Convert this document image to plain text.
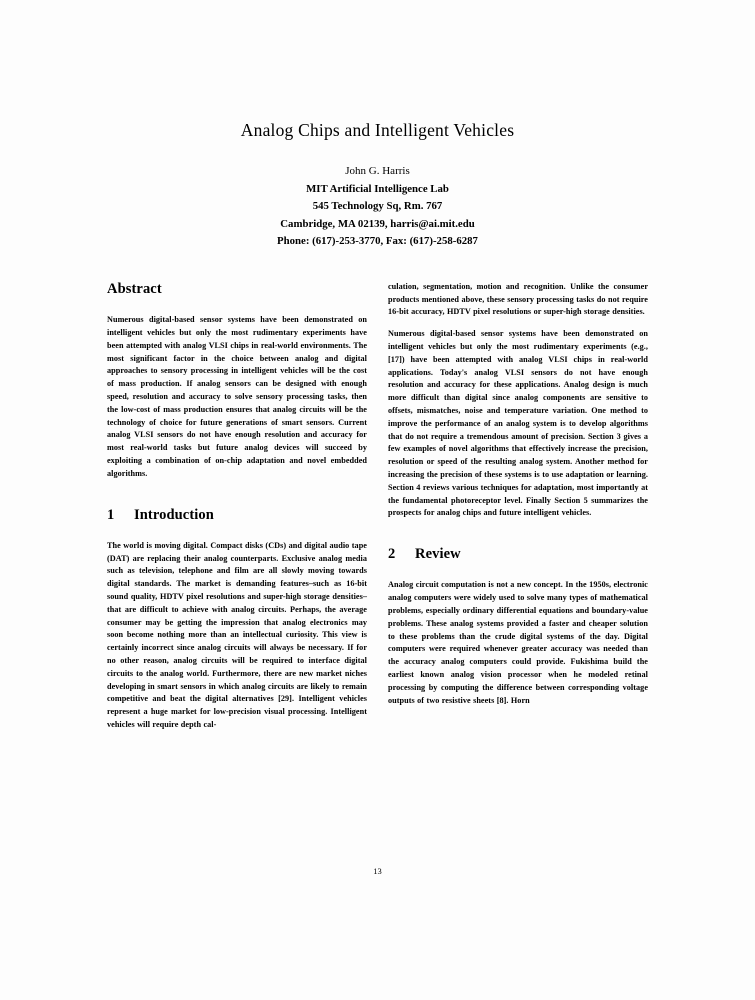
Analog Chips and Intelligent Vehicles
John G. Harris
MIT Artificial Intelligence Lab
545 Technology Sq, Rm. 767
Cambridge, MA 02139, harris@ai.mit.edu
Phone: (617)-253-3770, Fax: (617)-258-6287
Abstract

Numerous digital-based sensor systems have been demonstrated on intelligent vehicles but only the most rudimentary experiments have been attempted with analog VLSI chips in real-world environments. The most significant factor in the choice between analog and digital approaches to sensory processing in intelligent vehicles will be the cost of mass production. If analog sensors can be designed with enough speed, resolution and accuracy to solve sensory processing tasks, then the low-cost of mass production ensures that analog circuits will be the technology of choice for future generations of smart sensors. Current analog VLSI sensors do not have enough resolution and accuracy for most real-world tasks but future analog devices will succeed by exploiting a combination of on-chip adaptation and novel embedded algorithms.

1 Introduction

The world is moving digital. Compact disks (CDs) and digital audio tape (DAT) are replacing their analog counterparts. Exclusive analog media such as television, telephone and film are all slowly moving towards digital standards. The market is demanding features–such as 16-bit sound quality, HDTV pixel resolutions and super-high storage densities–that are difficult to achieve with analog circuits. Perhaps, the average consumer may be getting the impression that analog electronics may soon become nothing more than an intellectual curiosity. This view is certainly incorrect since analog circuits will always be necessary. If for no other reason, analog circuits will be required to interface digital circuits to the analog world. Furthermore, there are new market niches developing in smart sensors in which analog circuits are likely to remain competitive and beat the digital alternatives [29]. Intelligent vehicles represent a huge market for low-precision visual processing. Intelligent vehicles will require depth cal-

culation, segmentation, motion and recognition. Unlike the consumer products mentioned above, these sensory processing tasks do not require 16-bit accuracy, HDTV pixel resolutions or super-high storage densities.

Numerous digital-based sensor systems have been demonstrated on intelligent vehicles but only the most rudimentary experiments (e.g., [17]) have been attempted with analog VLSI chips in real-world applications. Today's analog VLSI sensors do not have enough resolution and accuracy for these applications. Analog design is much more difficult than digital since analog components are sensitive to offsets, mismatches, noise and temperature variation. One method to improve the performance of an analog system is to develop algorithms that do not require a tremendous amount of precision. Section 3 gives a few examples of novel algorithms that effectively increase the precision, resolution or speed of the resulting analog system. Another method for increasing the precision of these systems is to use adaptation or learning. Section 4 reviews various techniques for adaptation, most importantly at the fundamental photoreceptor level. Finally Section 5 summarizes the prospects for analog chips and future intelligent vehicles.

2 Review

Analog circuit computation is not a new concept. In the 1950s, electronic analog computers were widely used to solve many types of mathematical problems, especially ordinary differential equations and boundary-value problems. These analog systems provided a faster and cheaper solution to these problems than the crude digital systems of the day. Digital computers were required whenever greater accuracy was needed than the accuracy analog computers could provide. Fukishima build the earliest known analog vision processor when he modeled retinal processing by computing the difference between corresponding voltage outputs of two resistive sheets [8]. Horn

13
